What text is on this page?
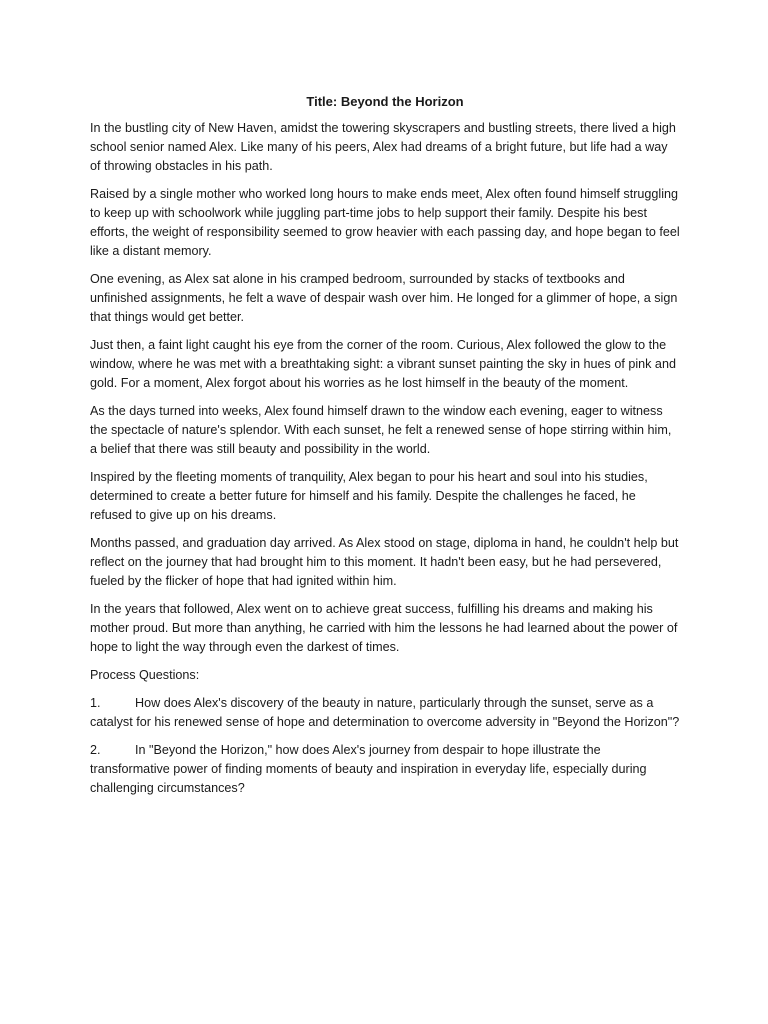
Title: Beyond the Horizon

In the bustling city of New Haven, amidst the towering skyscrapers and bustling streets, there lived a high school senior named Alex. Like many of his peers, Alex had dreams of a bright future, but life had a way of throwing obstacles in his path.

Raised by a single mother who worked long hours to make ends meet, Alex often found himself struggling to keep up with schoolwork while juggling part-time jobs to help support their family. Despite his best efforts, the weight of responsibility seemed to grow heavier with each passing day, and hope began to feel like a distant memory.

One evening, as Alex sat alone in his cramped bedroom, surrounded by stacks of textbooks and unfinished assignments, he felt a wave of despair wash over him. He longed for a glimmer of hope, a sign that things would get better.

Just then, a faint light caught his eye from the corner of the room. Curious, Alex followed the glow to the window, where he was met with a breathtaking sight: a vibrant sunset painting the sky in hues of pink and gold. For a moment, Alex forgot about his worries as he lost himself in the beauty of the moment.

As the days turned into weeks, Alex found himself drawn to the window each evening, eager to witness the spectacle of nature's splendor. With each sunset, he felt a renewed sense of hope stirring within him, a belief that there was still beauty and possibility in the world.

Inspired by the fleeting moments of tranquility, Alex began to pour his heart and soul into his studies, determined to create a better future for himself and his family. Despite the challenges he faced, he refused to give up on his dreams.

Months passed, and graduation day arrived. As Alex stood on stage, diploma in hand, he couldn't help but reflect on the journey that had brought him to this moment. It hadn't been easy, but he had persevered, fueled by the flicker of hope that had ignited within him.

In the years that followed, Alex went on to achieve great success, fulfilling his dreams and making his mother proud. But more than anything, he carried with him the lessons he had learned about the power of hope to light the way through even the darkest of times.

Process Questions:

1.	How does Alex's discovery of the beauty in nature, particularly through the sunset, serve as a catalyst for his renewed sense of hope and determination to overcome adversity in "Beyond the Horizon"?

2.	In "Beyond the Horizon," how does Alex's journey from despair to hope illustrate the transformative power of finding moments of beauty and inspiration in everyday life, especially during challenging circumstances?
